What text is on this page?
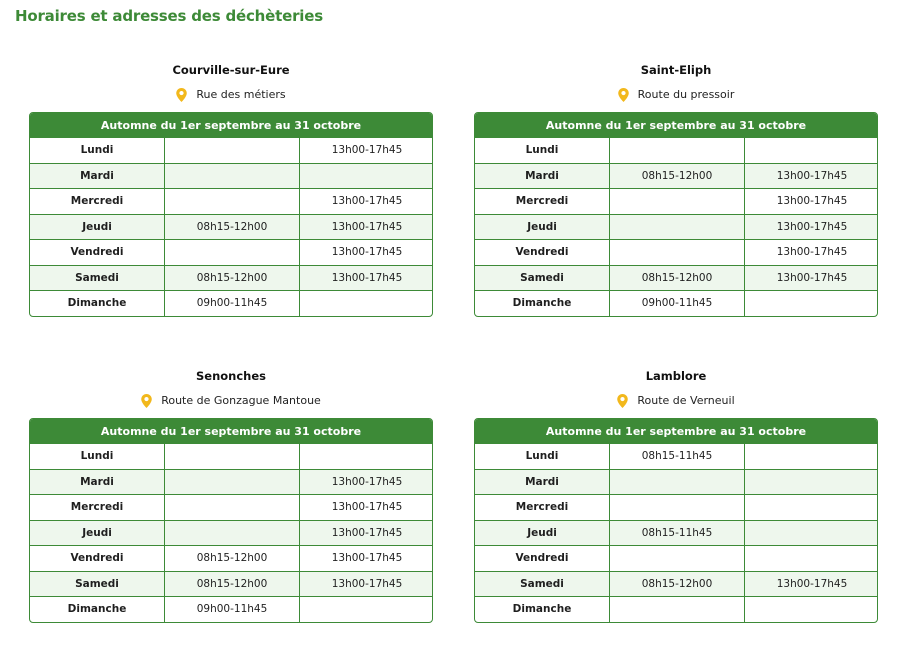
Horaires et adresses des déchèteries
Courville-sur-Eure
Rue des métiers
Automne du 1er septembre au 31 octobre
Lundi		13h00-17h45
Mardi		
Mercredi		13h00-17h45
Jeudi	08h15-12h00	13h00-17h45
Vendredi		13h00-17h45
Samedi	08h15-12h00	13h00-17h45
Dimanche	09h00-11h45	
Saint-Eliph
Route du pressoir
Automne du 1er septembre au 31 octobre
Lundi		
Mardi	08h15-12h00	13h00-17h45
Mercredi		13h00-17h45
Jeudi		13h00-17h45
Vendredi		13h00-17h45
Samedi	08h15-12h00	13h00-17h45
Dimanche	09h00-11h45	
Senonches
Route de Gonzague Mantoue
Automne du 1er septembre au 31 octobre
Lundi		
Mardi		13h00-17h45
Mercredi		13h00-17h45
Jeudi		13h00-17h45
Vendredi	08h15-12h00	13h00-17h45
Samedi	08h15-12h00	13h00-17h45
Dimanche	09h00-11h45	
Lamblore
Route de Verneuil
Automne du 1er septembre au 31 octobre
Lundi	08h15-11h45	
Mardi		
Mercredi		
Jeudi	08h15-11h45	
Vendredi		
Samedi	08h15-12h00	13h00-17h45
Dimanche		
